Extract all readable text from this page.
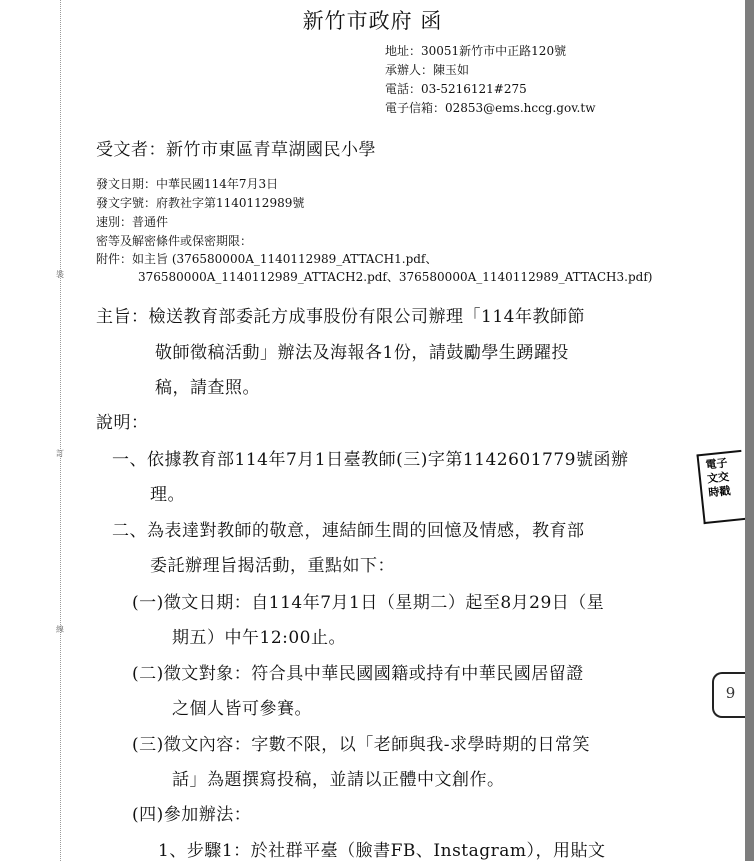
裝
訂
線
新竹市政府 函
地址：30051新竹市中正路120號
承辦人：陳玉如
電話：03-5216121#275
電子信箱：02853@ems.hccg.gov.tw
受文者：新竹市東區青草湖國民小學
發文日期：中華民國114年7月3日
發文字號：府教社字第1140112989號
速別：普通件
密等及解密條件或保密期限：
附件：如主旨 (376580000A_1140112989_ATTACH1.pdf、
376580000A_1140112989_ATTACH2.pdf、376580000A_1140112989_ATTACH3.pdf)
主旨：檢送教育部委託方成事股份有限公司辦理「114年教師節
敬師徵稿活動」辦法及海報各1份，請鼓勵學生踴躍投
稿，請查照。
說明：
一、依據教育部114年7月1日臺教師(三)字第1142601779號函辦
理。
二、為表達對教師的敬意，連結師生間的回憶及情感，教育部
委託辦理旨揭活動，重點如下：
(一)徵文日期：自114年7月1日（星期二）起至8月29日（星
期五）中午12:00止。
(二)徵文對象：符合具中華民國國籍或持有中華民國居留證
之個人皆可參賽。
(三)徵文內容：字數不限，以「老師與我-求學時期的日常笑
話」為題撰寫投稿，並請以正體中文創作。
(四)參加辦法：
1、步驟1：於社群平臺（臉書FB、Instagram），用貼文
電子
文交
時戳
9
